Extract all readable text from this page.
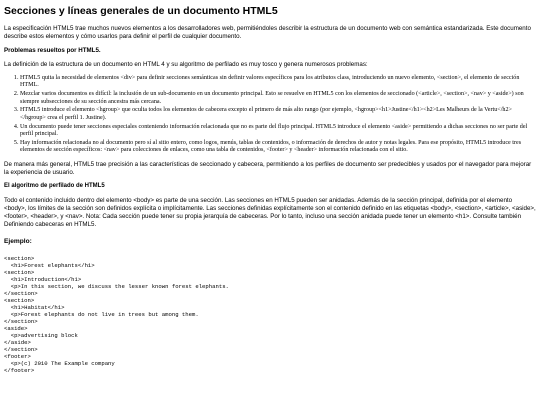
Secciones y líneas generales de un documento HTML5

La especificación HTML5 trae muchos nuevos elementos a los desarrolladores web, permitiéndoles describir la estructura de un documento web con semántica estandarizada. Este documento describe estos elementos y cómo usarlos para definir el perfil de cualquier documento.

Problemas resueltos por HTML5.

La definición de la estructura de un documento en HTML 4 y su algoritmo de perfilado es muy tosco y genera numerosos problemas:

1. HTML5 quita la necesidad de elementos <div> para definir secciones semánticas sin definir valores específicos para los atributos class, introduciendo un nuevo elemento, <section>, el elemento de sección HTML.
2. Mezclar varios documentos es difícil: la inclusión de un sub-documento en un documento principal. Esto se resuelve en HTML5 con los elementos de seccionado (<article>, <section>, <nav> y <aside>) son siempre subsecciones de su sección ancestra más cercana.
3. HTML5 introduce el elemento <hgroup> que oculta todos los elementos de cabecera excepto el primero de más alto rango (por ejemplo, <hgroup><h1>Justine</h1><h2>Les Malheurs de la Vertu</h2></hgroup> crea el perfil 1. Justine).
4. Un documento puede tener secciones especiales conteniendo información relacionada que no es parte del flujo principal. HTML5 introduce el elemento <aside> permitiendo a dichas secciones no ser parte del perfil principal.
5. Hay información relacionada no al documento pero sí al sitio entero, como logos, menús, tablas de contenidos, o información de derechos de autor y notas legales. Para ese propósito, HTML5 introduce tres elementos de sección específicos: <nav> para colecciones de enlaces, como una tabla de contenidos, <footer> y <header> información relacionada con el sitio.

De manera más general, HTML5 trae precisión a las características de seccionado y cabecera, permitiendo a los perfiles de documento ser predecibles y usados por el navegador para mejorar la experiencia de usuario.

El algoritmo de perfilado de HTML5

Todo el contenido incluido dentro del elemento <body> es parte de una sección. Las secciones en HTML5 pueden ser anidadas. Además de la sección principal, definida por el elemento <body>, los límites de la sección son definidos explícita o implícitamente. Las secciones definidas explícitamente son el contenido definido en las etiquetas <body>, <section>, <article>, <aside>, <footer>, <header>, y <nav>. Nota: Cada sección puede tener su propia jerarquía de cabeceras. Por lo tanto, incluso una sección anidada puede tener un elemento <h1>. Consulte también Definiendo cabeceras en HTML5.

Ejemplo:

<section>
<h1>Forest elephants</h1>
<section>
<h1>Introduction</h1>
<p>In this section, we discuss the lesser known forest elephants.
</section>
<section>
<h1>Habitat</h1>
<p>Forest elephants do not live in trees but among them.
</section>
<aside>
<p>advertising block
</aside>
</section>
<footer>
<p>(c) 2010 The Example company
</footer>
